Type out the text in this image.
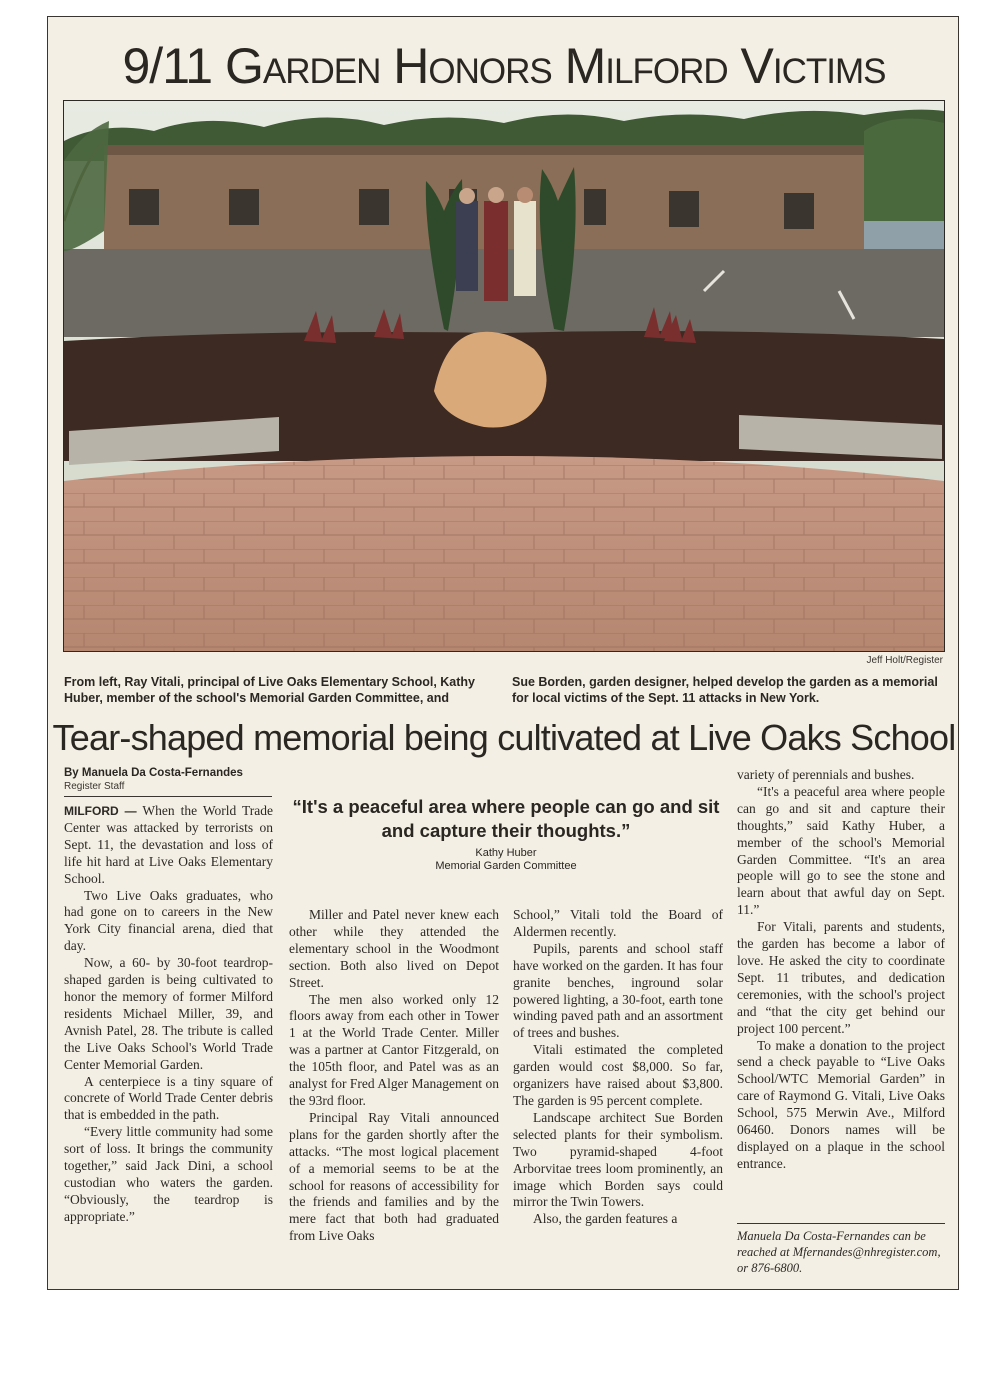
9/11 Garden Honors Milford Victims
Jeff Holt/Register

From left, Ray Vitali, principal of Live Oaks Elementary School, Kathy Huber, member of the school's Memorial Garden Committee, and

Sue Borden, garden designer, helped develop the garden as a memorial for local victims of the Sept. 11 attacks in New York.

Tear-shaped memorial being cultivated at Live Oaks School
By Manuela Da Costa-Fernandes
Register Staff

MILFORD — When the World Trade Center was attacked by terrorists on Sept. 11, the devastation and loss of life hit hard at Live Oaks Elementary School.

Two Live Oaks graduates, who had gone on to careers in the New York City financial arena, died that day.

Now, a 60- by 30-foot teardrop-shaped garden is being cultivated to honor the memory of former Milford residents Michael Miller, 39, and Avnish Patel, 28. The tribute is called the Live Oaks School's World Trade Center Memorial Garden.

A centerpiece is a tiny square of concrete of World Trade Center debris that is embedded in the path.

“Every little community had some sort of loss. It brings the community together,” said Jack Dini, a school custodian who waters the garden. “Obviously, the teardrop is appropriate.”

“It's a peaceful area where people can go and sit and capture their thoughts.”

Kathy Huber
Memorial Garden Committee

Miller and Patel never knew each other while they attended the elementary school in the Woodmont section. Both also lived on Depot Street.

The men also worked only 12 floors away from each other in Tower 1 at the World Trade Center. Miller was a partner at Cantor Fitzgerald, on the 105th floor, and Patel was as an analyst for Fred Alger Management on the 93rd floor.

Principal Ray Vitali announced plans for the garden shortly after the attacks. “The most logical placement of a memorial seems to be at the school for reasons of accessibility for the friends and families and by the mere fact that both had graduated from Live Oaks

School,” Vitali told the Board of Aldermen recently.

Pupils, parents and school staff have worked on the garden. It has four granite benches, inground solar powered lighting, a 30-foot, earth tone winding paved path and an assortment of trees and bushes.

Vitali estimated the completed garden would cost $8,000. So far, organizers have raised about $3,800. The garden is 95 percent complete.

Landscape architect Sue Borden selected plants for their symbolism. Two pyramid-shaped 4-foot Arborvitae trees loom prominently, an image which Borden says could mirror the Twin Towers.

Also, the garden features a

variety of perennials and bushes.

“It's a peaceful area where people can go and sit and capture their thoughts,” said Kathy Huber, a member of the school's Memorial Garden Committee. “It's an area people will go to see the stone and learn about that awful day on Sept. 11.”

For Vitali, parents and students, the garden has become a labor of love. He asked the city to coordinate Sept. 11 tributes, and dedication ceremonies, with the school's project and “that the city get behind our project 100 percent.”

To make a donation to the project send a check payable to “Live Oaks School/WTC Memorial Garden” in care of Raymond G. Vitali, Live Oaks School, 575 Merwin Ave., Milford 06460. Donors names will be displayed on a plaque in the school entrance.

Manuela Da Costa-Fernandes can be reached at Mfernandes@nhregister.com, or 876-6800.
